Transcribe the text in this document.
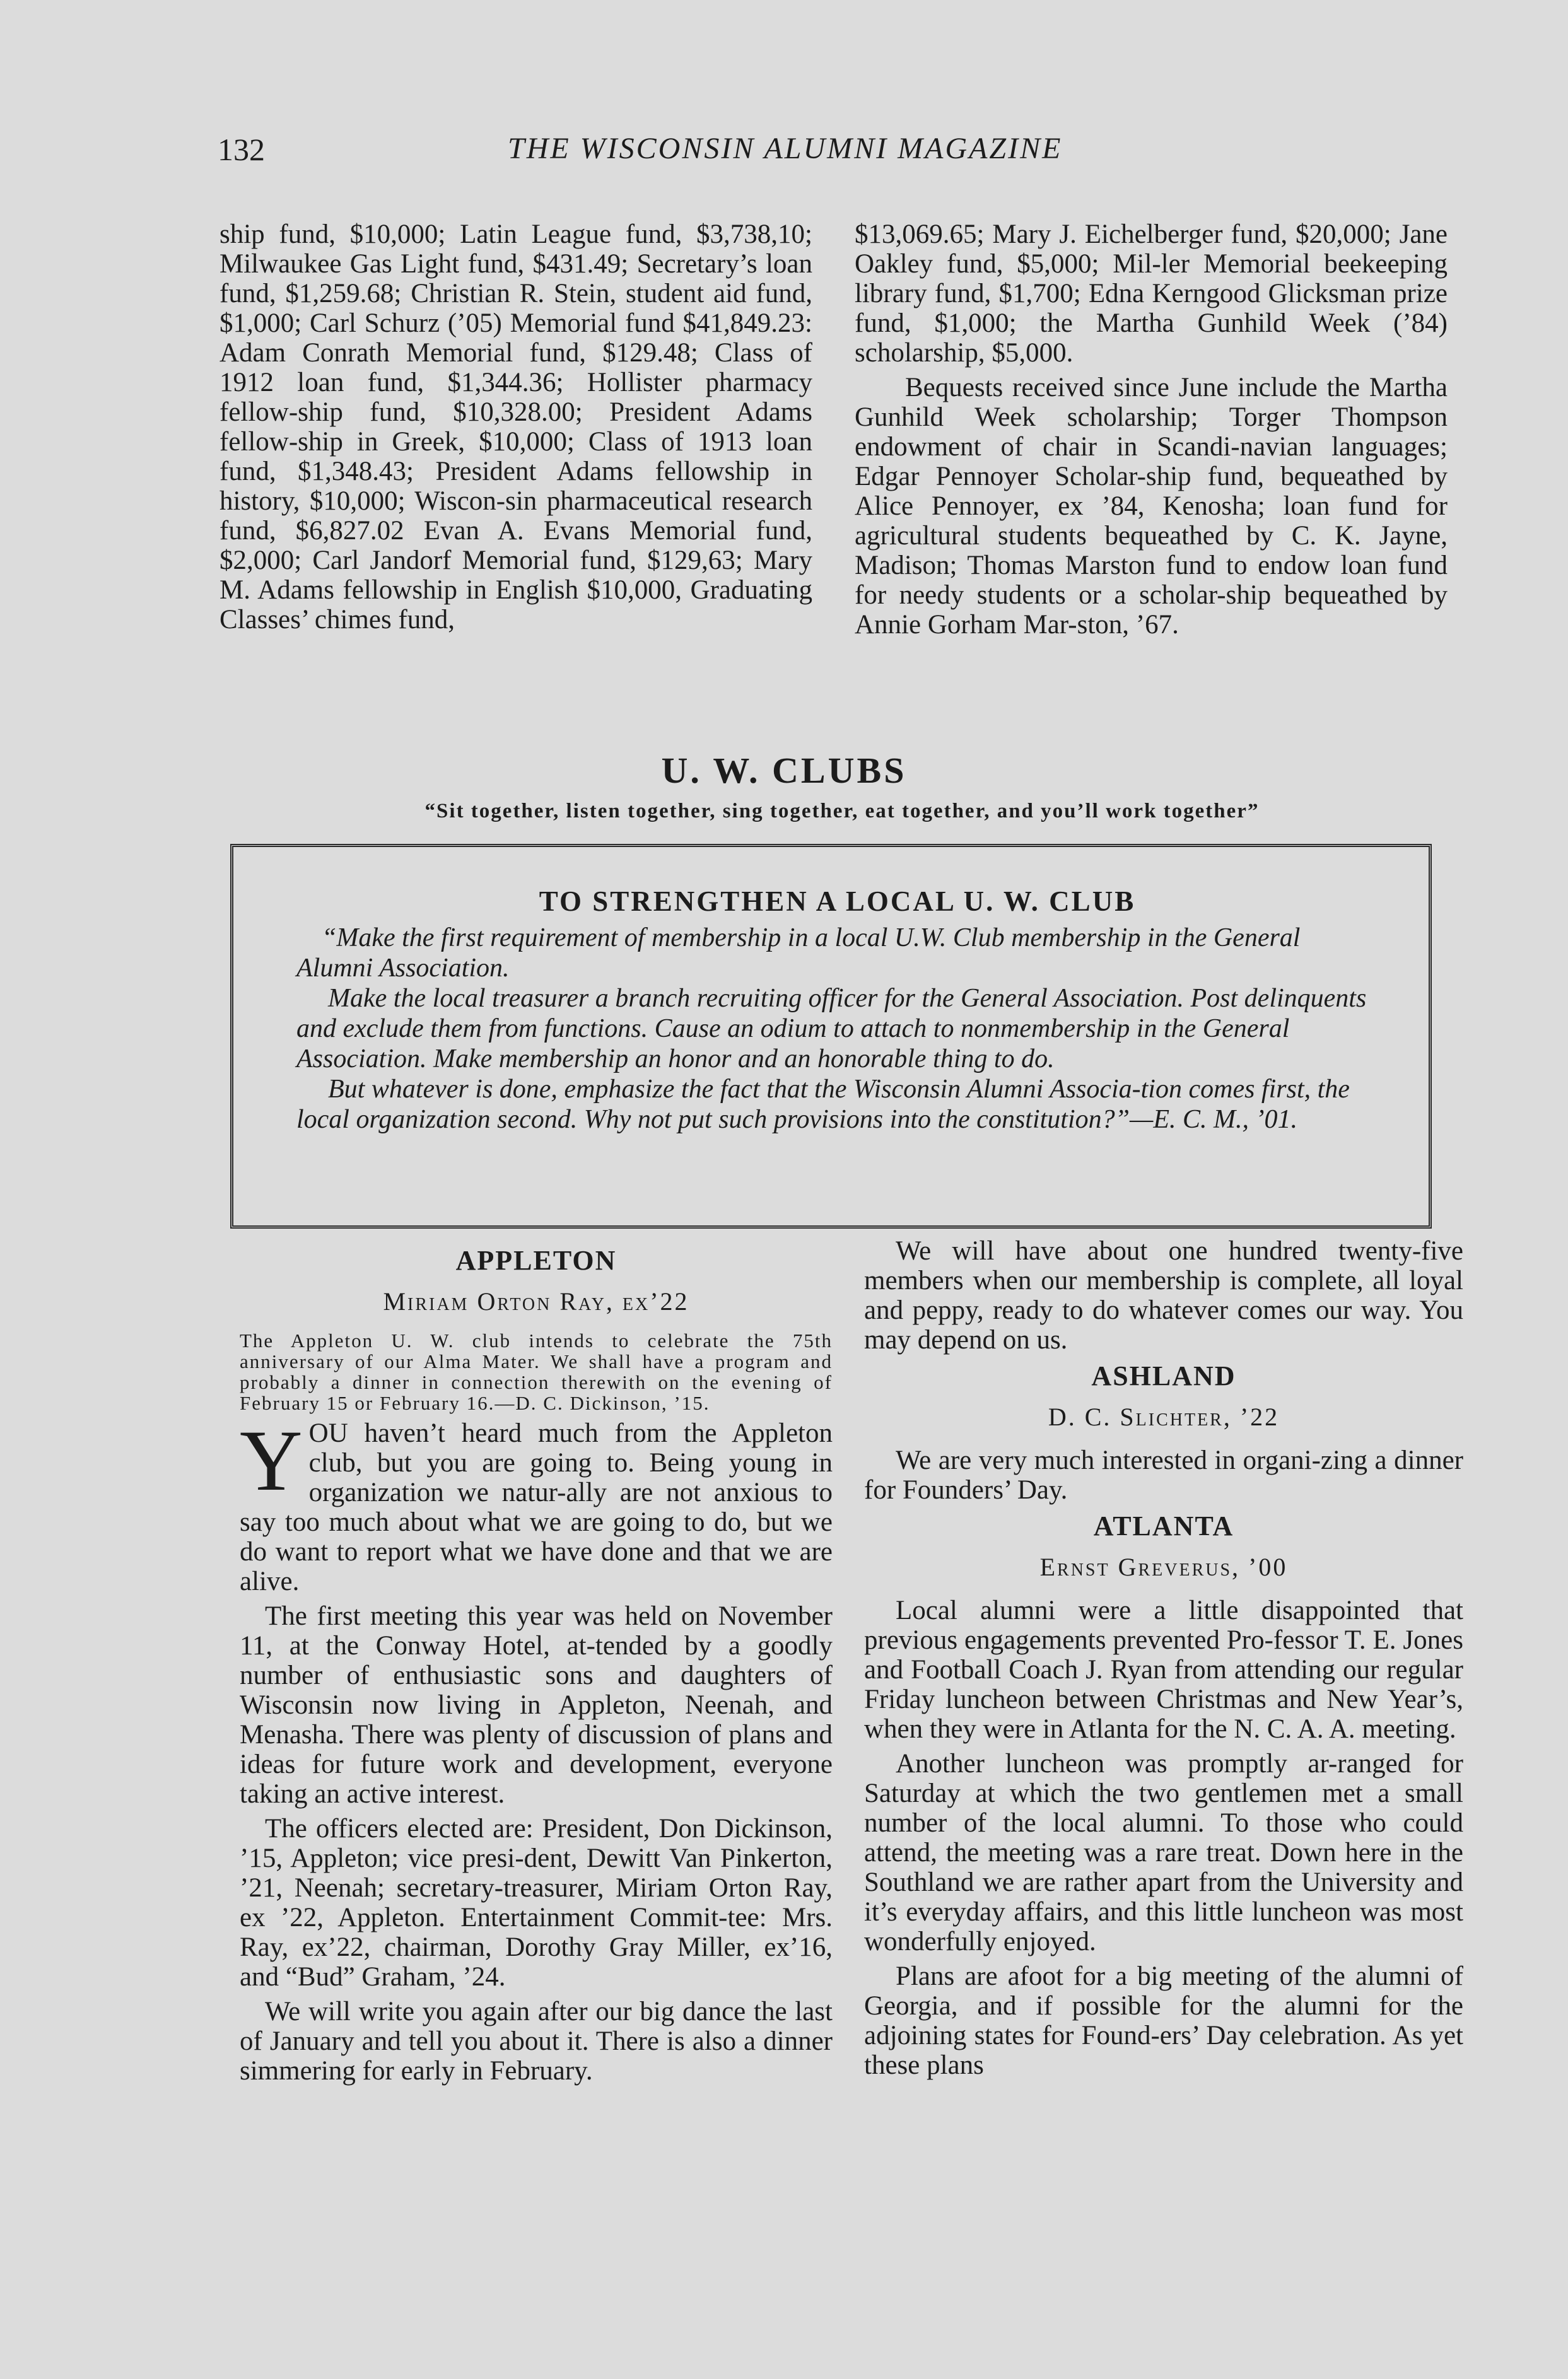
132	THE WISCONSIN ALUMNI MAGAZINE

ship fund, $10,000; Latin League fund, $3,738,10; Milwaukee Gas Light fund, $431.49; Secretary’s loan fund, $1,259.68; Christian R. Stein, student aid fund, $1,000; Carl Schurz (’05) Memorial fund $41,849.23: Adam Conrath Memorial fund, $129.48; Class of 1912 loan fund, $1,344.36; Hollister pharmacy fellow-ship fund, $10,328.00; President Adams fellow-ship in Greek, $10,000; Class of 1913 loan fund, $1,348.43; President Adams fellowship in history, $10,000; Wiscon-sin pharmaceutical research fund, $6,827.02 Evan A. Evans Memorial fund, $2,000; Carl Jandorf Memorial fund, $129,63; Mary M. Adams fellowship in English $10,000, Graduating Classes’ chimes fund,

$13,069.65; Mary J. Eichelberger fund, $20,000; Jane Oakley fund, $5,000; Mil-ler Memorial beekeeping library fund, $1,700; Edna Kerngood Glicksman prize fund, $1,000; the Martha Gunhild Week (’84) scholarship, $5,000.

Bequests received since June include the Martha Gunhild Week scholarship; Torger Thompson endowment of chair in Scandi-navian languages; Edgar Pennoyer Scholar-ship fund, bequeathed by Alice Pennoyer, ex ’84, Kenosha; loan fund for agricultural students bequeathed by C. K. Jayne, Madison; Thomas Marston fund to endow loan fund for needy students or a scholar-ship bequeathed by Annie Gorham Mar-ston, ’67.

U. W. CLUBS
“Sit together, listen together, sing together, eat together, and you’ll work together”
TO STRENGTHEN A LOCAL U. W. CLUB

“Make the first requirement of membership in a local U.W. Club membership in the General Alumni Association.

Make the local treasurer a branch recruiting officer for the General Association. Post delinquents and exclude them from functions. Cause an odium to attach to nonmembership in the General Association. Make membership an honor and an honorable thing to do.

But whatever is done, emphasize the fact that the Wisconsin Alumni Associa-tion comes first, the local organization second. Why not put such provisions into the constitution?”—E. C. M., ’01.

APPLETON
Miriam Orton Ray, ex’22

The Appleton U. W. club intends to celebrate the 75th anniversary of our Alma Mater. We shall have a program and probably a dinner in connection therewith on the evening of February 15 or February 16.—D. C. Dickinson, ’15.

YOU haven’t heard much from the Appleton club, but you are going to. Being young in organization we natur-ally are not anxious to say too much about what we are going to do, but we do want to report what we have done and that we are alive.

The first meeting this year was held on November 11, at the Conway Hotel, at-tended by a goodly number of enthusiastic sons and daughters of Wisconsin now living in Appleton, Neenah, and Menasha. There was plenty of discussion of plans and ideas for future work and development, everyone taking an active interest.

The officers elected are: President, Don Dickinson, ’15, Appleton; vice presi-dent, Dewitt Van Pinkerton, ’21, Neenah; secretary-treasurer, Miriam Orton Ray, ex ’22, Appleton. Entertainment Commit-tee: Mrs. Ray, ex’22, chairman, Dorothy Gray Miller, ex’16, and “Bud” Graham, ’24.

We will write you again after our big dance the last of January and tell you about it. There is also a dinner simmering for early in February.

We will have about one hundred twenty-five members when our membership is complete, all loyal and peppy, ready to do whatever comes our way. You may depend on us.

ASHLAND
D. C. Slichter, ’22

We are very much interested in organi-zing a dinner for Founders’ Day.

ATLANTA
Ernst Greverus, ’00

Local alumni were a little disappointed that previous engagements prevented Pro-fessor T. E. Jones and Football Coach J. Ryan from attending our regular Friday luncheon between Christmas and New Year’s, when they were in Atlanta for the N. C. A. A. meeting.

Another luncheon was promptly ar-ranged for Saturday at which the two gentlemen met a small number of the local alumni. To those who could attend, the meeting was a rare treat. Down here in the Southland we are rather apart from the University and it’s everyday affairs, and this little luncheon was most wonderfully enjoyed.

Plans are afoot for a big meeting of the alumni of Georgia, and if possible for the alumni for the adjoining states for Found-ers’ Day celebration. As yet these plans
